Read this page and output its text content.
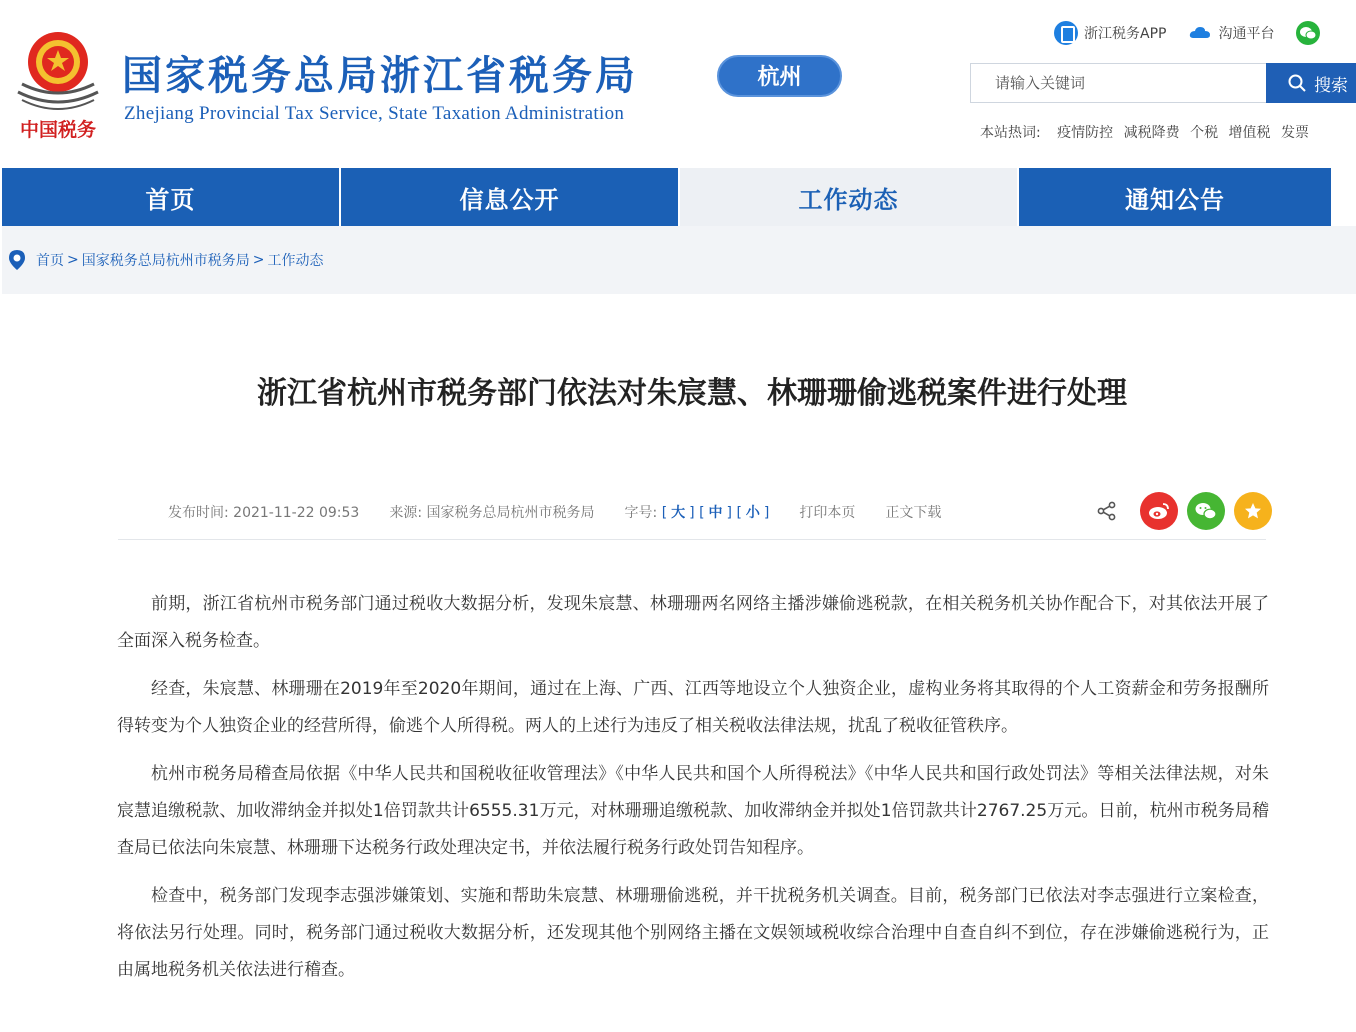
中国税务
国家税务总局浙江省税务局
Zhejiang Provincial Tax Service, State Taxation Administration
杭州
浙江税务APP	沟通平台
请输入关键词
搜索
本站热词: 疫情防控 减税降费 个税 增值税 发票
首页	信息公开	工作动态	通知公告
首页 > 国家税务总局杭州市税务局 > 工作动态
浙江省杭州市税务部门依法对朱宸慧、林珊珊偷逃税案件进行处理
发布时间: 2021-11-22 09:53 来源: 国家税务总局杭州市税务局 字号: [ 大 ] [ 中 ] [ 小 ] 打印本页 正文下载

前期，浙江省杭州市税务部门通过税收大数据分析，发现朱宸慧、林珊珊两名网络主播涉嫌偷逃税款，在相关税务机关协作配合下，对其依法开展了全面深入税务检查。

经查，朱宸慧、林珊珊在2019年至2020年期间，通过在上海、广西、江西等地设立个人独资企业，虚构业务将其取得的个人工资薪金和劳务报酬所得转变为个人独资企业的经营所得，偷逃个人所得税。两人的上述行为违反了相关税收法律法规，扰乱了税收征管秩序。

杭州市税务局稽查局依据《中华人民共和国税收征收管理法》《中华人民共和国个人所得税法》《中华人民共和国行政处罚法》等相关法律法规，对朱宸慧追缴税款、加收滞纳金并拟处1倍罚款共计6555.31万元，对林珊珊追缴税款、加收滞纳金并拟处1倍罚款共计2767.25万元。日前，杭州市税务局稽查局已依法向朱宸慧、林珊珊下达税务行政处理决定书，并依法履行税务行政处罚告知程序。

检查中，税务部门发现李志强涉嫌策划、实施和帮助朱宸慧、林珊珊偷逃税，并干扰税务机关调查。目前，税务部门已依法对李志强进行立案检查，将依法另行处理。同时，税务部门通过税收大数据分析，还发现其他个别网络主播在文娱领域税收综合治理中自查自纠不到位，存在涉嫌偷逃税行为，正由属地税务机关依法进行稽查。
